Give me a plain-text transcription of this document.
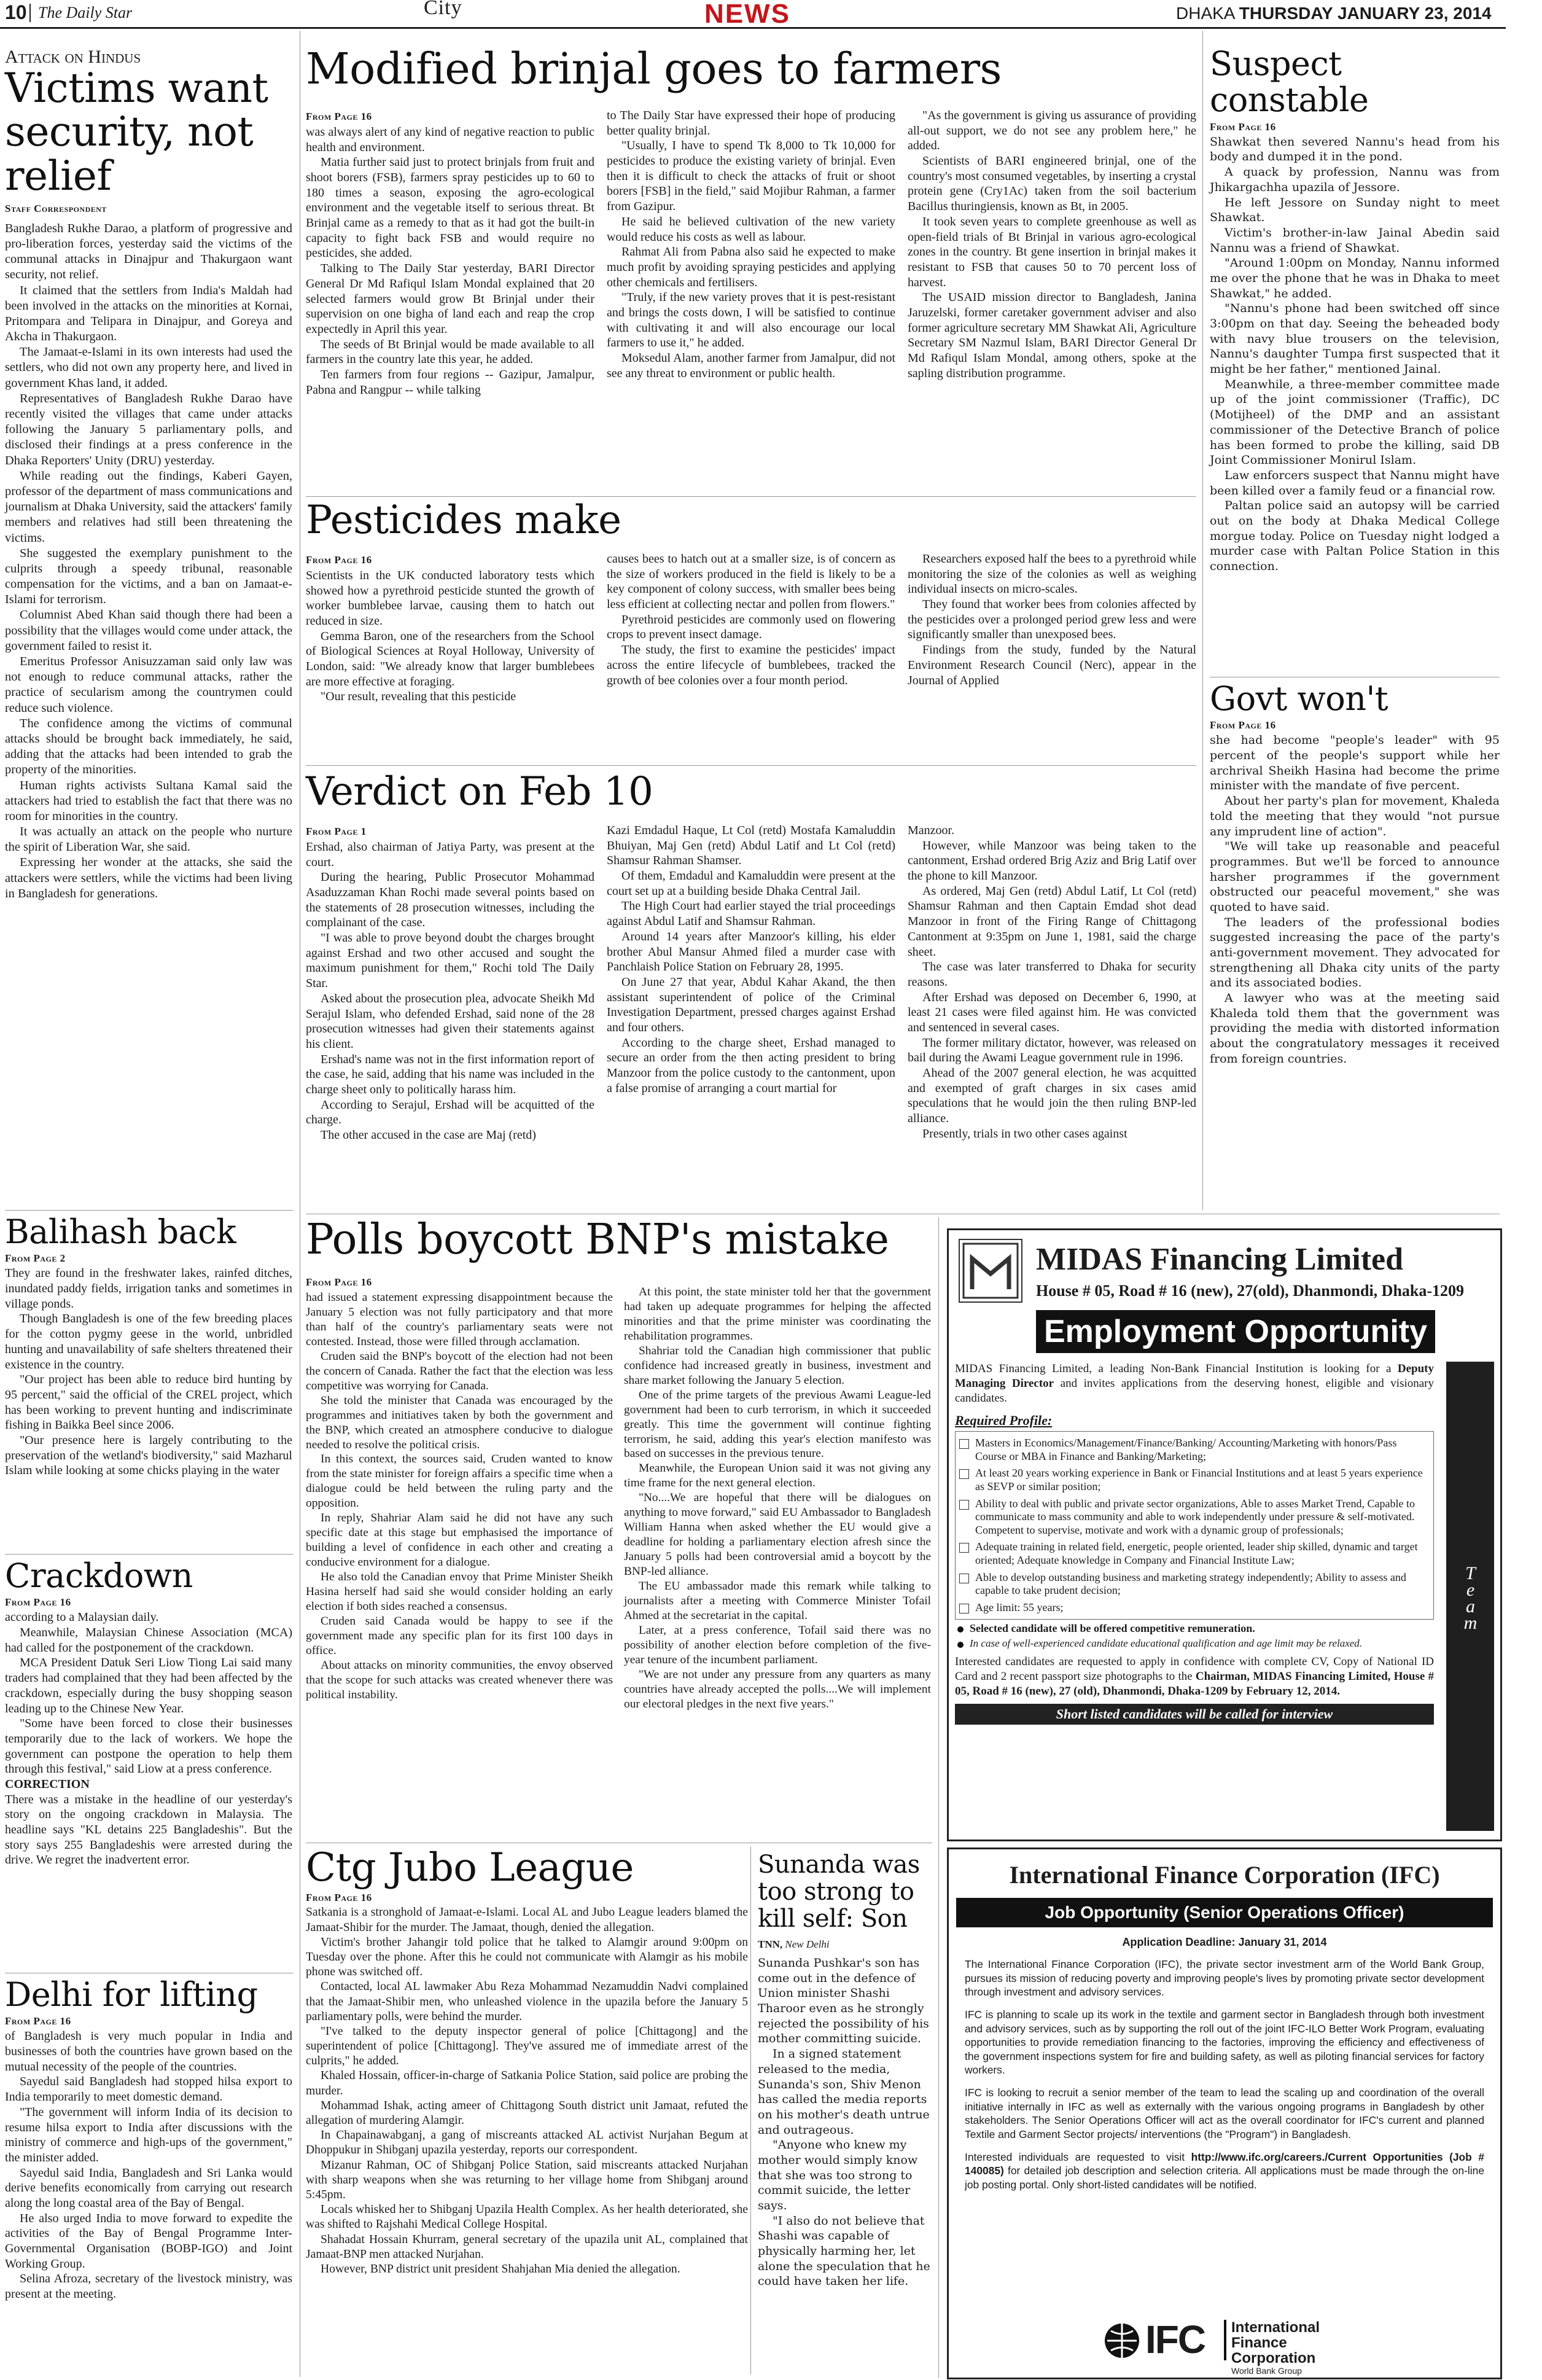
10 The Daily Star	City	NEWS	DHAKA THURSDAY JANUARY 23, 2014
Attack on Hindus
Victims want security, not relief
Staff Correspondent

Bangladesh Rukhe Darao, a platform of progressive and pro-liberation forces, yesterday said the victims of the communal attacks in Dinajpur and Thakurgaon want security, not relief.

It claimed that the settlers from India's Maldah had been involved in the attacks on the minorities at Kornai, Pritompara and Telipara in Dinajpur, and Goreya and Akcha in Thakurgaon.

The Jamaat-e-Islami in its own interests had used the settlers, who did not own any property here, and lived in government Khas land, it added.

Representatives of Bangladesh Rukhe Darao have recently visited the villages that came under attacks following the January 5 parliamentary polls, and disclosed their findings at a press conference in the Dhaka Reporters' Unity (DRU) yesterday.

While reading out the findings, Kaberi Gayen, professor of the department of mass communications and journalism at Dhaka University, said the attackers' family members and relatives had still been threatening the victims.

She suggested the exemplary punishment to the culprits through a speedy tribunal, reasonable compensation for the victims, and a ban on Jamaat-e-Islami for terrorism.

Columnist Abed Khan said though there had been a possibility that the villages would come under attack, the government failed to resist it.

Emeritus Professor Anisuzzaman said only law was not enough to reduce communal attacks, rather the practice of secularism among the countrymen could reduce such violence.

The confidence among the victims of communal attacks should be brought back immediately, he said, adding that the attacks had been intended to grab the property of the minorities.

Human rights activists Sultana Kamal said the attackers had tried to establish the fact that there was no room for minorities in the country.

It was actually an attack on the people who nurture the spirit of Liberation War, she said.

Expressing her wonder at the attacks, she said the attackers were settlers, while the victims had been living in Bangladesh for generations.

Balihash back
From Page 2

They are found in the freshwater lakes, rainfed ditches, inundated paddy fields, irrigation tanks and sometimes in village ponds.

Though Bangladesh is one of the few breeding places for the cotton pygmy geese in the world, unbridled hunting and unavailability of safe shelters threatened their existence in the country.

"Our project has been able to reduce bird hunting by 95 percent," said the official of the CREL project, which has been working to prevent hunting and indiscriminate fishing in Baikka Beel since 2006.

"Our presence here is largely contributing to the preservation of the wetland's biodiversity," said Mazharul Islam while looking at some chicks playing in the water

Crackdown
From Page 16

according to a Malaysian daily.

Meanwhile, Malaysian Chinese Association (MCA) had called for the postponement of the crackdown.

MCA President Datuk Seri Liow Tiong Lai said many traders had complained that they had been affected by the crackdown, especially during the busy shopping season leading up to the Chinese New Year.

"Some have been forced to close their businesses temporarily due to the lack of workers. We hope the government can postpone the operation to help them through this festival," said Liow at a press conference.

CORRECTION

There was a mistake in the headline of our yesterday's story on the ongoing crackdown in Malaysia. The headline says "KL detains 225 Bangladeshis". But the story says 255 Bangladeshis were arrested during the drive. We regret the inadvertent error.

Delhi for lifting
From Page 16

of Bangladesh is very much popular in India and businesses of both the countries have grown based on the mutual necessity of the people of the countries.

Sayedul said Bangladesh had stopped hilsa export to India temporarily to meet domestic demand.

"The government will inform India of its decision to resume hilsa export to India after discussions with the ministry of commerce and high-ups of the government," the minister added.

Sayedul said India, Bangladesh and Sri Lanka would derive benefits economically from carrying out research along the long coastal area of the Bay of Bengal.

He also urged India to move forward to expedite the activities of the Bay of Bengal Programme Inter-Governmental Organisation (BOBP-IGO) and Joint Working Group.

Selina Afroza, secretary of the livestock ministry, was present at the meeting.

Modified brinjal goes to farmers
From Page 16

was always alert of any kind of negative reaction to public health and environment.

Matia further said just to protect brinjals from fruit and shoot borers (FSB), farmers spray pesticides up to 60 to 180 times a season, exposing the agro-ecological environment and the vegetable itself to serious threat. Bt Brinjal came as a remedy to that as it had got the built-in capacity to fight back FSB and would require no pesticides, she added.

Talking to The Daily Star yesterday, BARI Director General Dr Md Rafiqul Islam Mondal explained that 20 selected farmers would grow Bt Brinjal under their supervision on one bigha of land each and reap the crop expectedly in April this year.

The seeds of Bt Brinjal would be made available to all farmers in the country late this year, he added.

Ten farmers from four regions -- Gazipur, Jamalpur, Pabna and Rangpur -- while talking

to The Daily Star have expressed their hope of producing better quality brinjal.

"Usually, I have to spend Tk 8,000 to Tk 10,000 for pesticides to produce the existing variety of brinjal. Even then it is difficult to check the attacks of fruit or shoot borers [FSB] in the field," said Mojibur Rahman, a farmer from Gazipur.

He said he believed cultivation of the new variety would reduce his costs as well as labour.

Rahmat Ali from Pabna also said he expected to make much profit by avoiding spraying pesticides and applying other chemicals and fertilisers.

"Truly, if the new variety proves that it is pest-resistant and brings the costs down, I will be satisfied to continue with cultivating it and will also encourage our local farmers to use it," he added.

Moksedul Alam, another farmer from Jamalpur, did not see any threat to environment or public health.

"As the government is giving us assurance of providing all-out support, we do not see any problem here," he added.

Scientists of BARI engineered brinjal, one of the country's most consumed vegetables, by inserting a crystal protein gene (Cry1Ac) taken from the soil bacterium Bacillus thuringiensis, known as Bt, in 2005.

It took seven years to complete greenhouse as well as open-field trials of Bt Brinjal in various agro-ecological zones in the country. Bt gene insertion in brinjal makes it resistant to FSB that causes 50 to 70 percent loss of harvest.

The USAID mission director to Bangladesh, Janina Jaruzelski, former caretaker government adviser and also former agriculture secretary MM Shawkat Ali, Agriculture Secretary SM Nazmul Islam, BARI Director General Dr Md Rafiqul Islam Mondal, among others, spoke at the sapling distribution programme.

Pesticides make
From Page 16

Scientists in the UK conducted laboratory tests which showed how a pyrethroid pesticide stunted the growth of worker bumblebee larvae, causing them to hatch out reduced in size.

Gemma Baron, one of the researchers from the School of Biological Sciences at Royal Holloway, University of London, said: "We already know that larger bumblebees are more effective at foraging.

"Our result, revealing that this pesticide

causes bees to hatch out at a smaller size, is of concern as the size of workers produced in the field is likely to be a key component of colony success, with smaller bees being less efficient at collecting nectar and pollen from flowers."

Pyrethroid pesticides are commonly used on flowering crops to prevent insect damage.

The study, the first to examine the pesticides' impact across the entire lifecycle of bumblebees, tracked the growth of bee colonies over a four month period.

Researchers exposed half the bees to a pyrethroid while monitoring the size of the colonies as well as weighing individual insects on micro-scales.

They found that worker bees from colonies affected by the pesticides over a prolonged period grew less and were significantly smaller than unexposed bees.

Findings from the study, funded by the Natural Environment Research Council (Nerc), appear in the Journal of Applied

Verdict on Feb 10
From Page 1

Ershad, also chairman of Jatiya Party, was present at the court.

During the hearing, Public Prosecutor Mohammad Asaduzzaman Khan Rochi made several points based on the statements of 28 prosecution witnesses, including the complainant of the case.

"I was able to prove beyond doubt the charges brought against Ershad and two other accused and sought the maximum punishment for them," Rochi told The Daily Star.

Asked about the prosecution plea, advocate Sheikh Md Serajul Islam, who defended Ershad, said none of the 28 prosecution witnesses had given their statements against his client.

Ershad's name was not in the first information report of the case, he said, adding that his name was included in the charge sheet only to politically harass him.

According to Serajul, Ershad will be acquitted of the charge.

The other accused in the case are Maj (retd)

Kazi Emdadul Haque, Lt Col (retd) Mostafa Kamaluddin Bhuiyan, Maj Gen (retd) Abdul Latif and Lt Col (retd) Shamsur Rahman Shamser.

Of them, Emdadul and Kamaluddin were present at the court set up at a building beside Dhaka Central Jail.

The High Court had earlier stayed the trial proceedings against Abdul Latif and Shamsur Rahman.

Around 14 years after Manzoor's killing, his elder brother Abul Mansur Ahmed filed a murder case with Panchlaish Police Station on February 28, 1995.

On June 27 that year, Abdul Kahar Akand, the then assistant superintendent of police of the Criminal Investigation Department, pressed charges against Ershad and four others.

According to the charge sheet, Ershad managed to secure an order from the then acting president to bring Manzoor from the police custody to the cantonment, upon a false promise of arranging a court martial for

Manzoor.

However, while Manzoor was being taken to the cantonment, Ershad ordered Brig Aziz and Brig Latif over the phone to kill Manzoor.

As ordered, Maj Gen (retd) Abdul Latif, Lt Col (retd) Shamsur Rahman and then Captain Emdad shot dead Manzoor in front of the Firing Range of Chittagong Cantonment at 9:35pm on June 1, 1981, said the charge sheet.

The case was later transferred to Dhaka for security reasons.

After Ershad was deposed on December 6, 1990, at least 21 cases were filed against him. He was convicted and sentenced in several cases.

The former military dictator, however, was released on bail during the Awami League government rule in 1996.

Ahead of the 2007 general election, he was acquitted and exempted of graft charges in six cases amid speculations that he would join the then ruling BNP-led alliance.

Presently, trials in two other cases against

Suspect constable
From Page 16

Shawkat then severed Nannu's head from his body and dumped it in the pond.

A quack by profession, Nannu was from Jhikargachha upazila of Jessore.

He left Jessore on Sunday night to meet Shawkat.

Victim's brother-in-law Jainal Abedin said Nannu was a friend of Shawkat.

"Around 1:00pm on Monday, Nannu informed me over the phone that he was in Dhaka to meet Shawkat," he added.

"Nannu's phone had been switched off since 3:00pm on that day. Seeing the beheaded body with navy blue trousers on the television, Nannu's daughter Tumpa first suspected that it might be her father," mentioned Jainal.

Meanwhile, a three-member committee made up of the joint commissioner (Traffic), DC (Motijheel) of the DMP and an assistant commissioner of the Detective Branch of police has been formed to probe the killing, said DB Joint Commissioner Monirul Islam.

Law enforcers suspect that Nannu might have been killed over a family feud or a financial row.

Paltan police said an autopsy will be carried out on the body at Dhaka Medical College morgue today. Police on Tuesday night lodged a murder case with Paltan Police Station in this connection.

Govt won't
From Page 16

she had become "people's leader" with 95 percent of the people's support while her archrival Sheikh Hasina had become the prime minister with the mandate of five percent.

About her party's plan for movement, Khaleda told the meeting that they would "not pursue any imprudent line of action".

"We will take up reasonable and peaceful programmes. But we'll be forced to announce harsher programmes if the government obstructed our peaceful movement," she was quoted to have said.

The leaders of the professional bodies suggested increasing the pace of the party's anti-government movement. They advocated for strengthening all Dhaka city units of the party and its associated bodies.

A lawyer who was at the meeting said Khaleda told them that the government was providing the media with distorted information about the congratulatory messages it received from foreign countries.

Polls boycott BNP's mistake
From Page 16

had issued a statement expressing disappointment because the January 5 election was not fully participatory and that more than half of the country's parliamentary seats were not contested. Instead, those were filled through acclamation.

Cruden said the BNP's boycott of the election had not been the concern of Canada. Rather the fact that the election was less competitive was worrying for Canada.

She told the minister that Canada was encouraged by the programmes and initiatives taken by both the government and the BNP, which created an atmosphere conducive to dialogue needed to resolve the political crisis.

In this context, the sources said, Cruden wanted to know from the state minister for foreign affairs a specific time when a dialogue could be held between the ruling party and the opposition.

In reply, Shahriar Alam said he did not have any such specific date at this stage but emphasised the importance of building a level of confidence in each other and creating a conducive environment for a dialogue.

He also told the Canadian envoy that Prime Minister Sheikh Hasina herself had said she would consider holding an early election if both sides reached a consensus.

Cruden said Canada would be happy to see if the government made any specific plan for its first 100 days in office.

About attacks on minority communities, the envoy observed that the scope for such attacks was created whenever there was political instability.

At this point, the state minister told her that the government had taken up adequate programmes for helping the affected minorities and that the prime minister was coordinating the rehabilitation programmes.

Shahriar told the Canadian high commissioner that public confidence had increased greatly in business, investment and share market following the January 5 election.

One of the prime targets of the previous Awami League-led government had been to curb terrorism, in which it succeeded greatly. This time the government will continue fighting terrorism, he said, adding this year's election manifesto was based on successes in the previous tenure.

Meanwhile, the European Union said it was not giving any time frame for the next general election.

"No....We are hopeful that there will be dialogues on anything to move forward," said EU Ambassador to Bangladesh William Hanna when asked whether the EU would give a deadline for holding a parliamentary election afresh since the January 5 polls had been controversial amid a boycott by the BNP-led alliance.

The EU ambassador made this remark while talking to journalists after a meeting with Commerce Minister Tofail Ahmed at the secretariat in the capital.

Later, at a press conference, Tofail said there was no possibility of another election before completion of the five-year tenure of the incumbent parliament.

"We are not under any pressure from any quarters as many countries have already accepted the polls....We will implement our electoral pledges in the next five years."

Ctg Jubo League
From Page 16

Satkania is a stronghold of Jamaat-e-Islami. Local AL and Jubo League leaders blamed the Jamaat-Shibir for the murder. The Jamaat, though, denied the allegation.

Victim's brother Jahangir told police that he talked to Alamgir around 9:00pm on Tuesday over the phone. After this he could not communicate with Alamgir as his mobile phone was switched off.

Contacted, local AL lawmaker Abu Reza Mohammad Nezamuddin Nadvi complained that the Jamaat-Shibir men, who unleashed violence in the upazila before the January 5 parliamentary polls, were behind the murder.

"I've talked to the deputy inspector general of police [Chittagong] and the superintendent of police [Chittagong]. They've assured me of immediate arrest of the culprits," he added.

Khaled Hossain, officer-in-charge of Satkania Police Station, said police are probing the murder.

Mohammad Ishak, acting ameer of Chittagong South district unit Jamaat, refuted the allegation of murdering Alamgir.

In Chapainawabganj, a gang of miscreants attacked AL activist Nurjahan Begum at Dhoppukur in Shibganj upazila yesterday, reports our correspondent.

Mizanur Rahman, OC of Shibganj Police Station, said miscreants attacked Nurjahan with sharp weapons when she was returning to her village home from Shibganj around 5:45pm.

Locals whisked her to Shibganj Upazila Health Complex. As her health deteriorated, she was shifted to Rajshahi Medical College Hospital.

Shahadat Hossain Khurram, general secretary of the upazila unit AL, complained that Jamaat-BNP men attacked Nurjahan.

However, BNP district unit president Shahjahan Mia denied the allegation.

Sunanda was too strong to kill self: Son
TNN, New Delhi

Sunanda Pushkar's son has come out in the defence of Union minister Shashi Tharoor even as he strongly rejected the possibility of his mother committing suicide.

In a signed statement released to the media, Sunanda's son, Shiv Menon has called the media reports on his mother's death untrue and outrageous.

"Anyone who knew my mother would simply know that she was too strong to commit suicide, the letter says.

"I also do not believe that Shashi was capable of physically harming her, let alone the speculation that he could have taken her life.

MIDAS Financing Limited
House # 05, Road # 16 (new), 27(old), Dhanmondi, Dhaka-1209
Employment Opportunity
MIDAS Financing Limited, a leading Non-Bank Financial Institution is looking for a Deputy Managing Director and invites applications from the deserving honest, eligible and visionary candidates.
Required Profile:
Masters in Economics/Management/Finance/Banking/ Accounting/Marketing with honors/Pass Course or MBA in Finance and Banking/Marketing;
At least 20 years working experience in Bank or Financial Institutions and at least 5 years experience as SEVP or similar position;
Ability to deal with public and private sector organizations, Able to asses Market Trend, Capable to communicate to mass community and able to work independently under pressure & self-motivated. Competent to supervise, motivate and work with a dynamic group of professionals;
Adequate training in related field, energetic, people oriented, leader ship skilled, dynamic and target oriented; Adequate knowledge in Company and Financial Institute Law;
Able to develop outstanding business and marketing strategy independently; Ability to assess and capable to take prudent decision;
Age limit: 55 years;
Selected candidate will be offered competitive remuneration.
In case of well-experienced candidate educational qualification and age limit may be relaxed.
Interested candidates are requested to apply in confidence with complete CV, Copy of National ID Card and 2 recent passport size photographs to the Chairman, MIDAS Financing Limited, House # 05, Road # 16 (new), 27 (old), Dhanmondi, Dhaka-1209 by February 12, 2014.
Short listed candidates will be called for interview	Be Part of the Value Driven Team
International Finance Corporation (IFC)
Job Opportunity (Senior Operations Officer)
Application Deadline: January 31, 2014

The International Finance Corporation (IFC), the private sector investment arm of the World Bank Group, pursues its mission of reducing poverty and improving people's lives by promoting private sector development through investment and advisory services.

IFC is planning to scale up its work in the textile and garment sector in Bangladesh through both investment and advisory services, such as by supporting the roll out of the joint IFC-ILO Better Work Program, evaluating opportunities to provide remediation financing to the factories, improving the efficiency and effectiveness of the government inspections system for fire and building safety, as well as piloting financial services for factory workers.

IFC is looking to recruit a senior member of the team to lead the scaling up and coordination of the overall initiative internally in IFC as well as externally with the various ongoing programs in Bangladesh by other stakeholders. The Senior Operations Officer will act as the overall coordinator for IFC's current and planned Textile and Garment Sector projects/ interventions (the "Program") in Bangladesh.

Interested individuals are requested to visit http://www.ifc.org/careers./Current Opportunities (Job # 140085) for detailed job description and selection criteria. All applications must be made through the on-line job posting portal. Only short-listed candidates will be notified.

IFC International
Finance Corporation
World Bank Group
